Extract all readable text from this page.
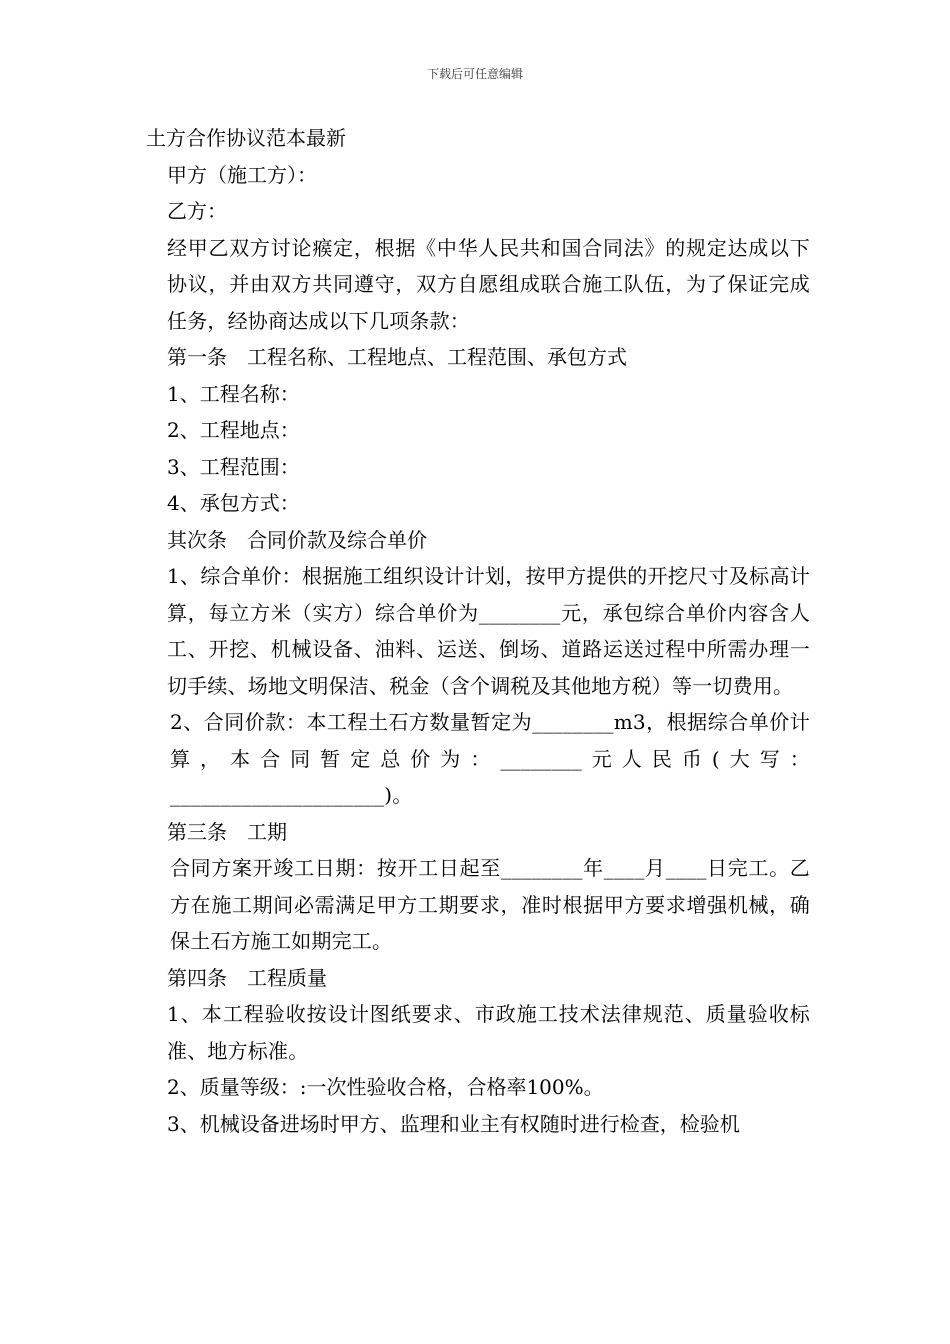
下载后可任意编辑
土方合作协议范本最新
甲方（施工方）：
乙方：
经甲乙双方讨论瘊定，根据《中华人民共和国合同法》的规定达成以下协议，并由双方共同遵守，双方自愿组成联合施工队伍，为了保证完成任务，经协商达成以下几项条款：
第一条　工程名称、工程地点、工程范围、承包方式
1、工程名称：
2、工程地点：
3、工程范围：
4、承包方式：
其次条　合同价款及综合单价
1、综合单价：根据施工组织设计计划，按甲方提供的开挖尺寸及标高计算，每立方米（实方）综合单价为________元，承包综合单价内容含人工、开挖、机械设备、油料、运送、倒场、道路运送过程中所需办理一切手续、场地文明保洁、税金（含个调税及其他地方税）等一切费用。
2、合同价款：本工程土石方数量暂定为________m3，根据综合单价计算，本合同暂定总价为：________元人民币(大写：_____________________)。
第三条　工期
合同方案开竣工日期：按开工日起至________年____月____日完工。乙方在施工期间必需满足甲方工期要求，准时根据甲方要求增强机械，确保土石方施工如期完工。
第四条　工程质量
1、本工程验收按设计图纸要求、市政施工技术法律规范、质量验收标准、地方标准。
2、质量等级：:一次性验收合格，合格率100%。
3、机械设备进场时甲方、监理和业主有权随时进行检查，检验机
